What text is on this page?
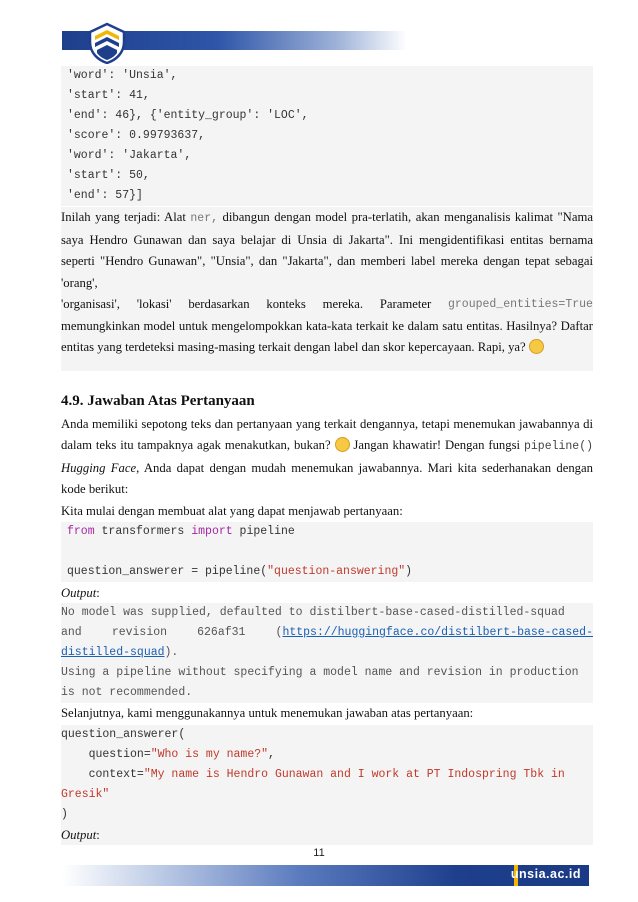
'word': 'Unsia',
'start': 41,
'end': 46}, {'entity_group': 'LOC',
'score': 0.99793637,
'word': 'Jakarta',
'start': 50,
'end': 57}]
Inilah yang terjadi: Alat ner, dibangun dengan model pra-terlatih, akan menganalisis kalimat "Nama saya Hendro Gunawan dan saya belajar di Unsia di Jakarta". Ini mengidentifikasi entitas bernama seperti "Hendro Gunawan", "Unsia", dan "Jakarta", dan memberi label mereka dengan tepat sebagai 'orang',
'organisasi', 'lokasi' berdasarkan konteks mereka. Parameter grouped_entities=True
memungkinkan model untuk mengelompokkan kata-kata terkait ke dalam satu entitas. Hasilnya? Daftar entitas yang terdeteksi masing-masing terkait dengan label dan skor kepercayaan. Rapi, ya?
4.9. Jawaban Atas Pertanyaan
Anda memiliki sepotong teks dan pertanyaan yang terkait dengannya, tetapi menemukan jawabannya di dalam teks itu tampaknya agak menakutkan, bukan?  Jangan khawatir! Dengan fungsi pipeline() Hugging Face, Anda dapat dengan mudah menemukan jawabannya. Mari kita sederhanakan dengan kode berikut:
Kita mulai dengan membuat alat yang dapat menjawab pertanyaan:
from transformers import pipeline
question_answerer = pipeline("question-answering")
Output:
No model was supplied, defaulted to distilbert-base-cased-distilled-squad
and	revision	626af31	(https://huggingface.co/distilbert-base-cased-
distilled-squad).
Using a pipeline without specifying a model name and revision in production
is not recommended.
Selanjutnya, kami menggunakannya untuk menemukan jawaban atas pertanyaan:
question_answerer(
question="Who is my name?",
context="My name is Hendro Gunawan and I work at PT Indospring Tbk in
Gresik"
)
Output:
11
unsia.ac.id
